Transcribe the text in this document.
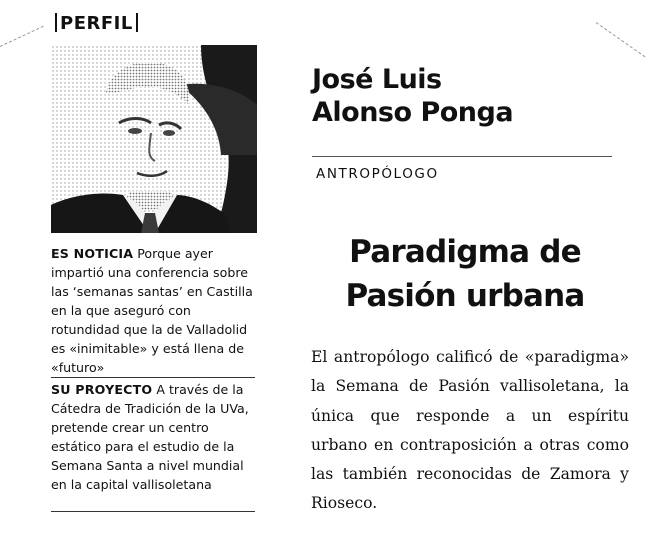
PERFIL
José Luis
Alonso Ponga
ANTROPÓLOGO
Paradigma de
Pasión urbana

El antropólogo calificó de «paradigma» la Semana de Pasión vallisoletana, la única que responde a un espíritu urbano en contraposición a otras como las también reconocidas de Zamora y Rioseco.

ES NOTICIA Porque ayer impartió una conferencia sobre las ‘semanas santas’ en Castilla en la que aseguró con rotundidad que la de Valladolid es «inimitable» y está llena de «futuro»
SU PROYECTO A través de la Cátedra de Tradición de la UVa, pretende crear un centro estático para el estudio de la Semana Santa a nivel mundial en la capital vallisoletana
